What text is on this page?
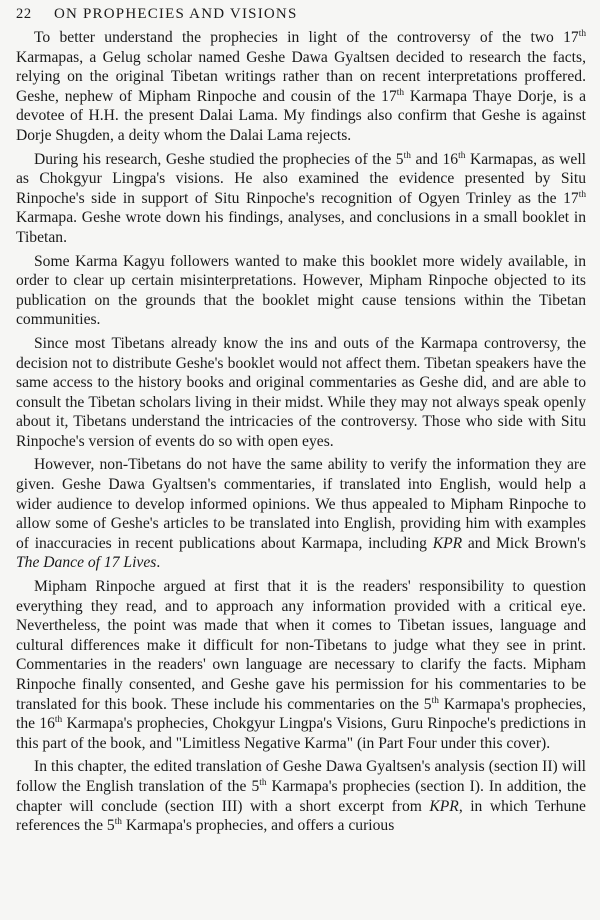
22	ON PROPHECIES AND VISIONS

To better understand the prophecies in light of the controversy of the two 17th Karmapas, a Gelug scholar named Geshe Dawa Gyaltsen decided to research the facts, relying on the original Tibetan writings rather than on recent interpretations proffered. Geshe, nephew of Mipham Rinpoche and cousin of the 17th Karmapa Thaye Dorje, is a devotee of H.H. the present Dalai Lama. My findings also confirm that Geshe is against Dorje Shugden, a deity whom the Dalai Lama rejects.

During his research, Geshe studied the prophecies of the 5th and 16th Karmapas, as well as Chokgyur Lingpa's visions. He also examined the evidence presented by Situ Rinpoche's side in support of Situ Rinpoche's recognition of Ogyen Trinley as the 17th Karmapa. Geshe wrote down his findings, analyses, and conclusions in a small booklet in Tibetan.

Some Karma Kagyu followers wanted to make this booklet more widely available, in order to clear up certain misinterpretations. However, Mipham Rinpoche objected to its publication on the grounds that the booklet might cause tensions within the Tibetan communities.

Since most Tibetans already know the ins and outs of the Karmapa controversy, the decision not to distribute Geshe's booklet would not affect them. Tibetan speakers have the same access to the history books and original commentaries as Geshe did, and are able to consult the Tibetan scholars living in their midst. While they may not always speak openly about it, Tibetans understand the intricacies of the controversy. Those who side with Situ Rinpoche's version of events do so with open eyes.

However, non-Tibetans do not have the same ability to verify the information they are given. Geshe Dawa Gyaltsen's commentaries, if translated into English, would help a wider audience to develop informed opinions. We thus appealed to Mipham Rinpoche to allow some of Geshe's articles to be translated into English, providing him with examples of inaccuracies in recent publications about Karmapa, including KPR and Mick Brown's The Dance of 17 Lives.

Mipham Rinpoche argued at first that it is the readers' responsibility to question everything they read, and to approach any information provided with a critical eye. Nevertheless, the point was made that when it comes to Tibetan issues, language and cultural differences make it difficult for non-Tibetans to judge what they see in print. Commentaries in the readers' own language are necessary to clarify the facts. Mipham Rinpoche finally consented, and Geshe gave his permission for his commentaries to be translated for this book. These include his commentaries on the 5th Karmapa's prophecies, the 16th Karmapa's prophecies, Chokgyur Lingpa's Visions, Guru Rinpoche's predictions in this part of the book, and "Limitless Negative Karma" (in Part Four under this cover).

In this chapter, the edited translation of Geshe Dawa Gyaltsen's analysis (section II) will follow the English translation of the 5th Karmapa's prophecies (section I). In addition, the chapter will conclude (section III) with a short excerpt from KPR, in which Terhune references the 5th Karmapa's prophecies, and offers a curious
